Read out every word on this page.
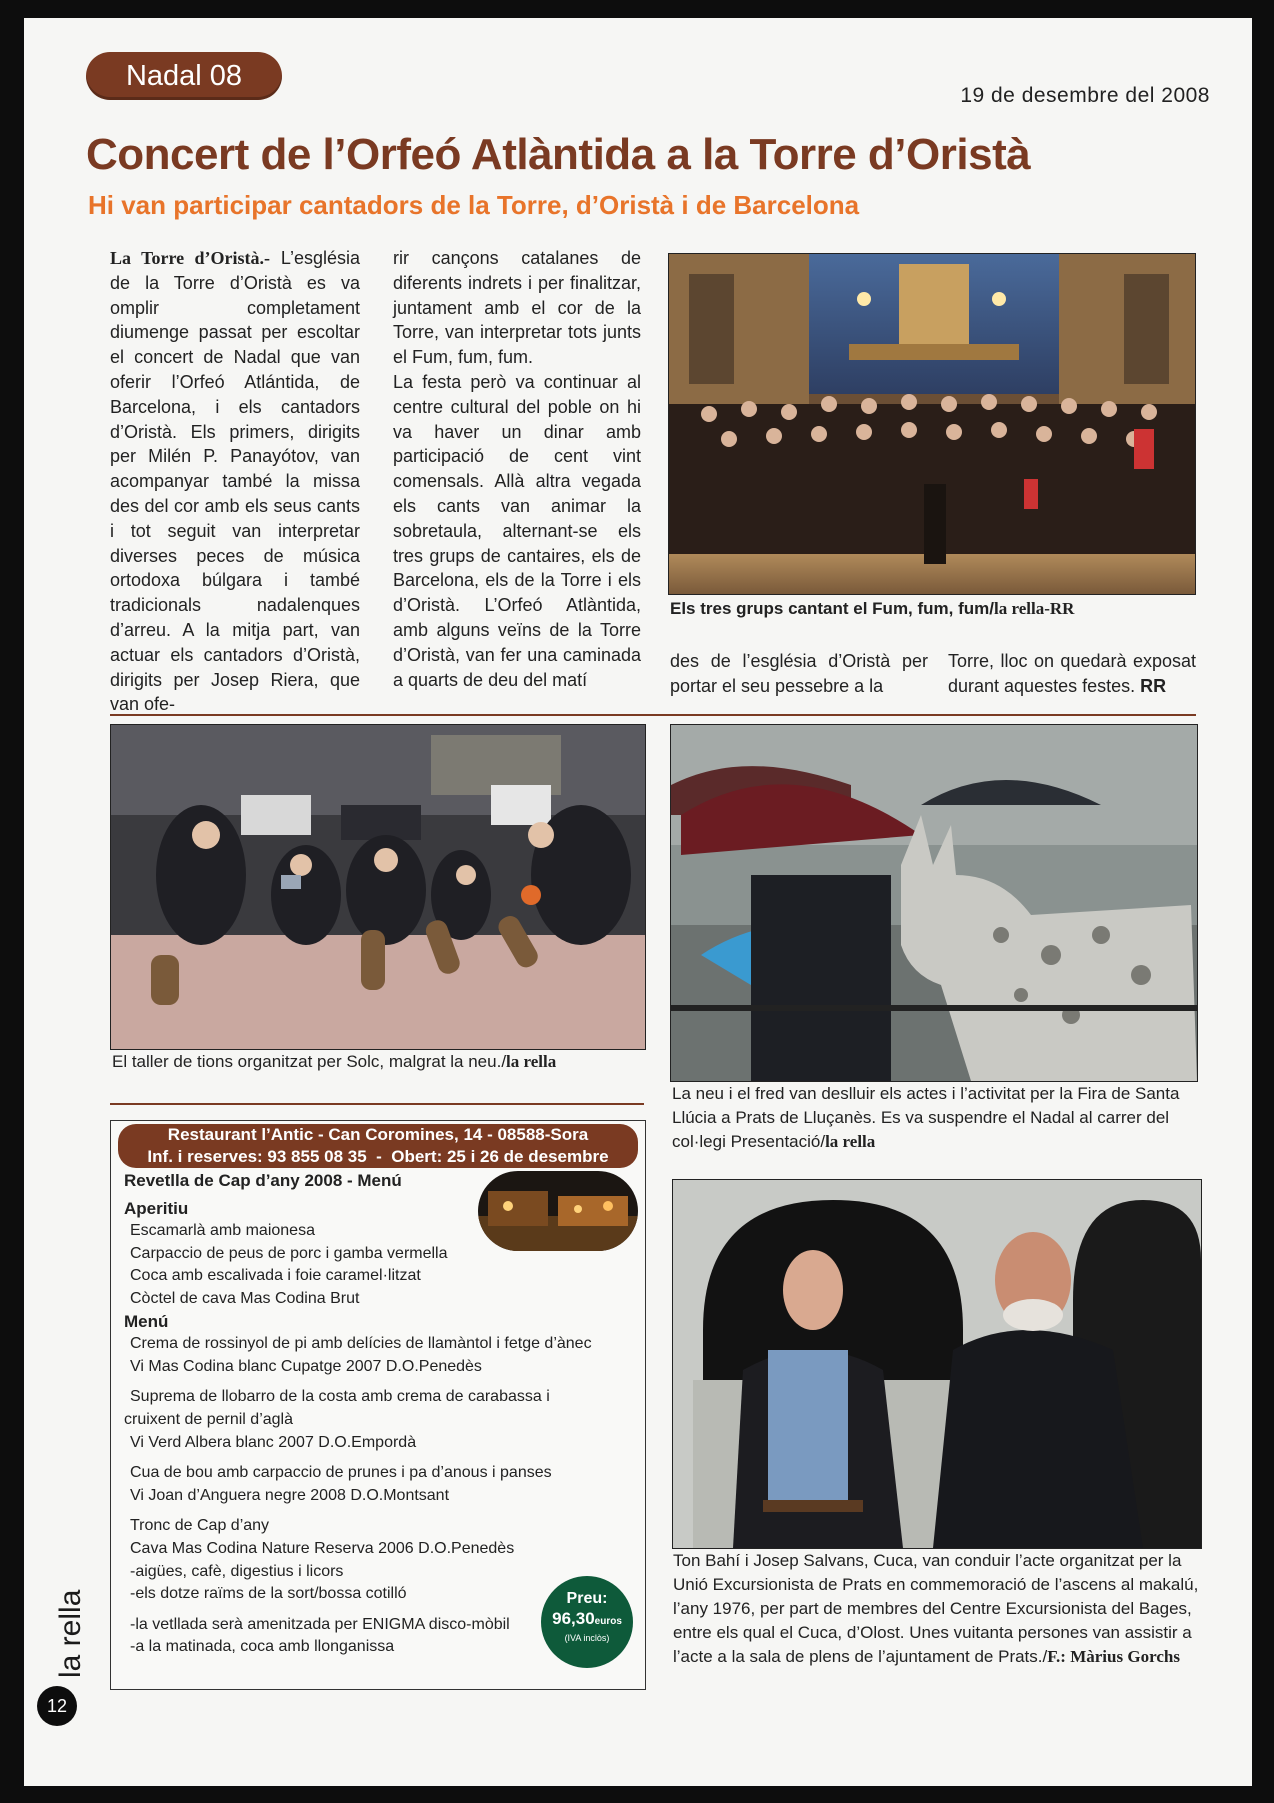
Nadal 08
19 de desembre del 2008
Concert de l’Orfeó Atlàntida a la Torre d’Oristà
Hi van participar cantadors de la Torre, d’Oristà i de Barcelona

La Torre d’Oristà.- L’església de la Torre d’Oristà es va omplir completament diumenge passat per escoltar el concert de Nadal que van oferir l’Orfeó Atlántida, de Barcelona, i els cantadors d’Oristà. Els primers, dirigits per Milén P. Panayótov, van acompanyar també la missa des del cor amb els seus cants i tot seguit van interpretar diverses peces de música ortodoxa búlgara i també tradicionals nadalenques d’arreu. A la mitja part, van actuar els cantadors d’Oristà, dirigits per Josep Riera, que van ofe-

rir cançons catalanes de diferents indrets i per finalitzar, juntament amb el cor de la Torre, van interpretar tots junts el Fum, fum, fum.

La festa però va continuar al centre cultural del poble on hi va haver un dinar amb participació de cent vint comensals. Allà altra vegada els cants van animar la sobretaula, alternant-se els tres grups de cantaires, els de Barcelona, els de la Torre i els d’Oristà. L’Orfeó Atlàntida, amb alguns veïns de la Torre d’Oristà, van fer una caminada a quarts de deu del matí

Els tres grups cantant el Fum, fum, fum/la rella-RR

des de l’església d’Oristà per portar el seu pessebre a la

Torre, lloc on quedarà exposat durant aquestes festes. RR

El taller de tions organitzat per Solc, malgrat la neu./la rella
La neu i el fred van deslluir els actes i l’activitat per la Fira de Santa Llúcia a Prats de Lluçanès. Es va suspendre el Nadal al carrer del col·legi Presentació/la rella
Restaurant l’Antic - Can Coromines, 14 - 08588-Sora
Inf. i reserves: 93 855 08 35  -  Obert: 25 i 26 de desembre
Revetlla de Cap d’any 2008 - Menú
Aperitiu
Escamarlà amb maionesa
Carpaccio de peus de porc i gamba vermella
Coca amb escalivada i foie caramel·litzat
Còctel de cava Mas Codina Brut
Menú
Crema de rossinyol de pi amb delícies de llamàntol i fetge d’ànec
Vi Mas Codina blanc Cupatge 2007 D.O.Penedès
Suprema de llobarro de la costa amb crema de carabassa i
cruixent de pernil d’aglà
Vi Verd Albera blanc 2007 D.O.Empordà
Cua de bou amb carpaccio de prunes i pa d’anous i panses
Vi Joan d’Anguera negre 2008 D.O.Montsant
Tronc de Cap d’any
Cava Mas Codina Nature Reserva 2006 D.O.Penedès
-aigües, cafè, digestius i licors
-els dotze raïms de la sort/bossa cotilló
-la vetllada serà amenitzada per ENIGMA disco-mòbil
-a la matinada, coca amb llonganissa
Preu:
96,30euros
(IVA inclòs)
Ton Bahí i Josep Salvans, Cuca, van conduir l’acte organitzat per la Unió Excursionista de Prats en commemoració de l’ascens al makalú, l’any 1976, per part de membres del Centre Excursionista del Bages, entre els qual el Cuca, d’Olost. Unes vuitanta persones van assistir a l’acte a la sala de plens de l’ajuntament de Prats./F.: Màrius Gorchs
la rella
12
